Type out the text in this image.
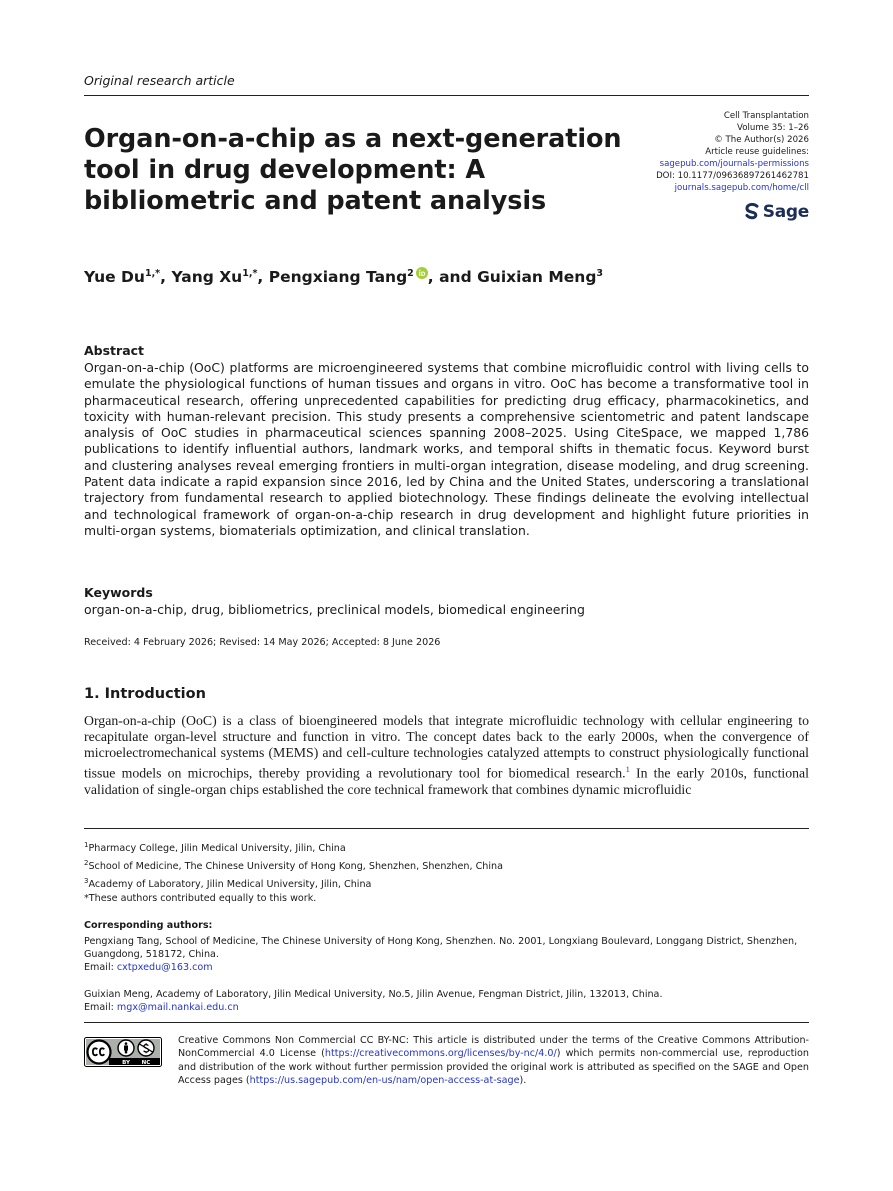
Original research article
Organ-on-a-chip as a next-generation tool in drug development: A bibliometric and patent analysis
Cell Transplantation
Volume 35: 1–26
© The Author(s) 2026
Article reuse guidelines:
sagepub.com/journals-permissions
DOI: 10.1177/09636897261462781
journals.sagepub.com/home/cll
Sage
Yue $Du^{1,*}$, Yang $Xu^{1,*}$, Pengxiang Tang$^2$ , and Guixian Meng$^3$
Abstract

Organ-on-a-chip (OoC) platforms are microengineered systems that combine microfluidic control with living cells to emulate the physiological functions of human tissues and organs in vitro. OoC has become a transformative tool in pharmaceutical research, offering unprecedented capabilities for predicting drug efficacy, pharmacokinetics, and toxicity with human-relevant precision. This study presents a comprehensive scientometric and patent landscape analysis of OoC studies in pharmaceutical sciences spanning 2008–2025. Using CiteSpace, we mapped 1,786 publications to identify influential authors, landmark works, and temporal shifts in thematic focus. Keyword burst and clustering analyses reveal emerging frontiers in multi-organ integration, disease modeling, and drug screening. Patent data indicate a rapid expansion since 2016, led by China and the United States, underscoring a translational trajectory from fundamental research to applied biotechnology. These findings delineate the evolving intellectual and technological framework of organ-on-a-chip research in drug development and highlight future priorities in multi-organ systems, biomaterials optimization, and clinical translation.

Keywords
organ-on-a-chip, drug, bibliometrics, preclinical models, biomedical engineering
Received: 4 February 2026; Revised: 14 May 2026; Accepted: 8 June 2026
1. Introduction

Organ-on-a-chip (OoC) is a class of bioengineered models that integrate microfluidic technology with cellular engineering to recapitulate organ-level structure and function in vitro. The concept dates back to the early 2000s, when the convergence of microelectromechanical systems (MEMS) and cell-culture technologies catalyzed attempts to construct physiologically functional tissue models on microchips, thereby providing a revolutionary tool for biomedical research.$^1$ In the early 2010s, functional validation of single-organ chips established the core technical framework that combines dynamic microfluidic

$^1$Pharmacy College, Jilin Medical University, Jilin, China
$^2$School of Medicine, The Chinese University of Hong Kong, Shenzhen, Shenzhen, China
$^3$Academy of Laboratory, Jilin Medical University, Jilin, China
*These authors contributed equally to this work.
Corresponding authors:
Pengxiang Tang, School of Medicine, The Chinese University of Hong Kong, Shenzhen. No. 2001, Longxiang Boulevard, Longgang District, Shenzhen, Guangdong, 518172, China.
Email: cxtpxedu@163.com
Guixian Meng, Academy of Laboratory, Jilin Medical University, No.5, Jilin Avenue, Fengman District, Jilin, 132013, China.
Email: mgx@mail.nankai.edu.cn
BY NC
Creative Commons Non Commercial CC BY-NC: This article is distributed under the terms of the Creative Commons Attribution-NonCommercial 4.0 License (https://creativecommons.org/licenses/by-nc/4.0/) which permits non-commercial use, reproduction and distribution of the work without further permission provided the original work is attributed as specified on the SAGE and Open Access pages (https://us.sagepub.com/en-us/nam/open-access-at-sage).
